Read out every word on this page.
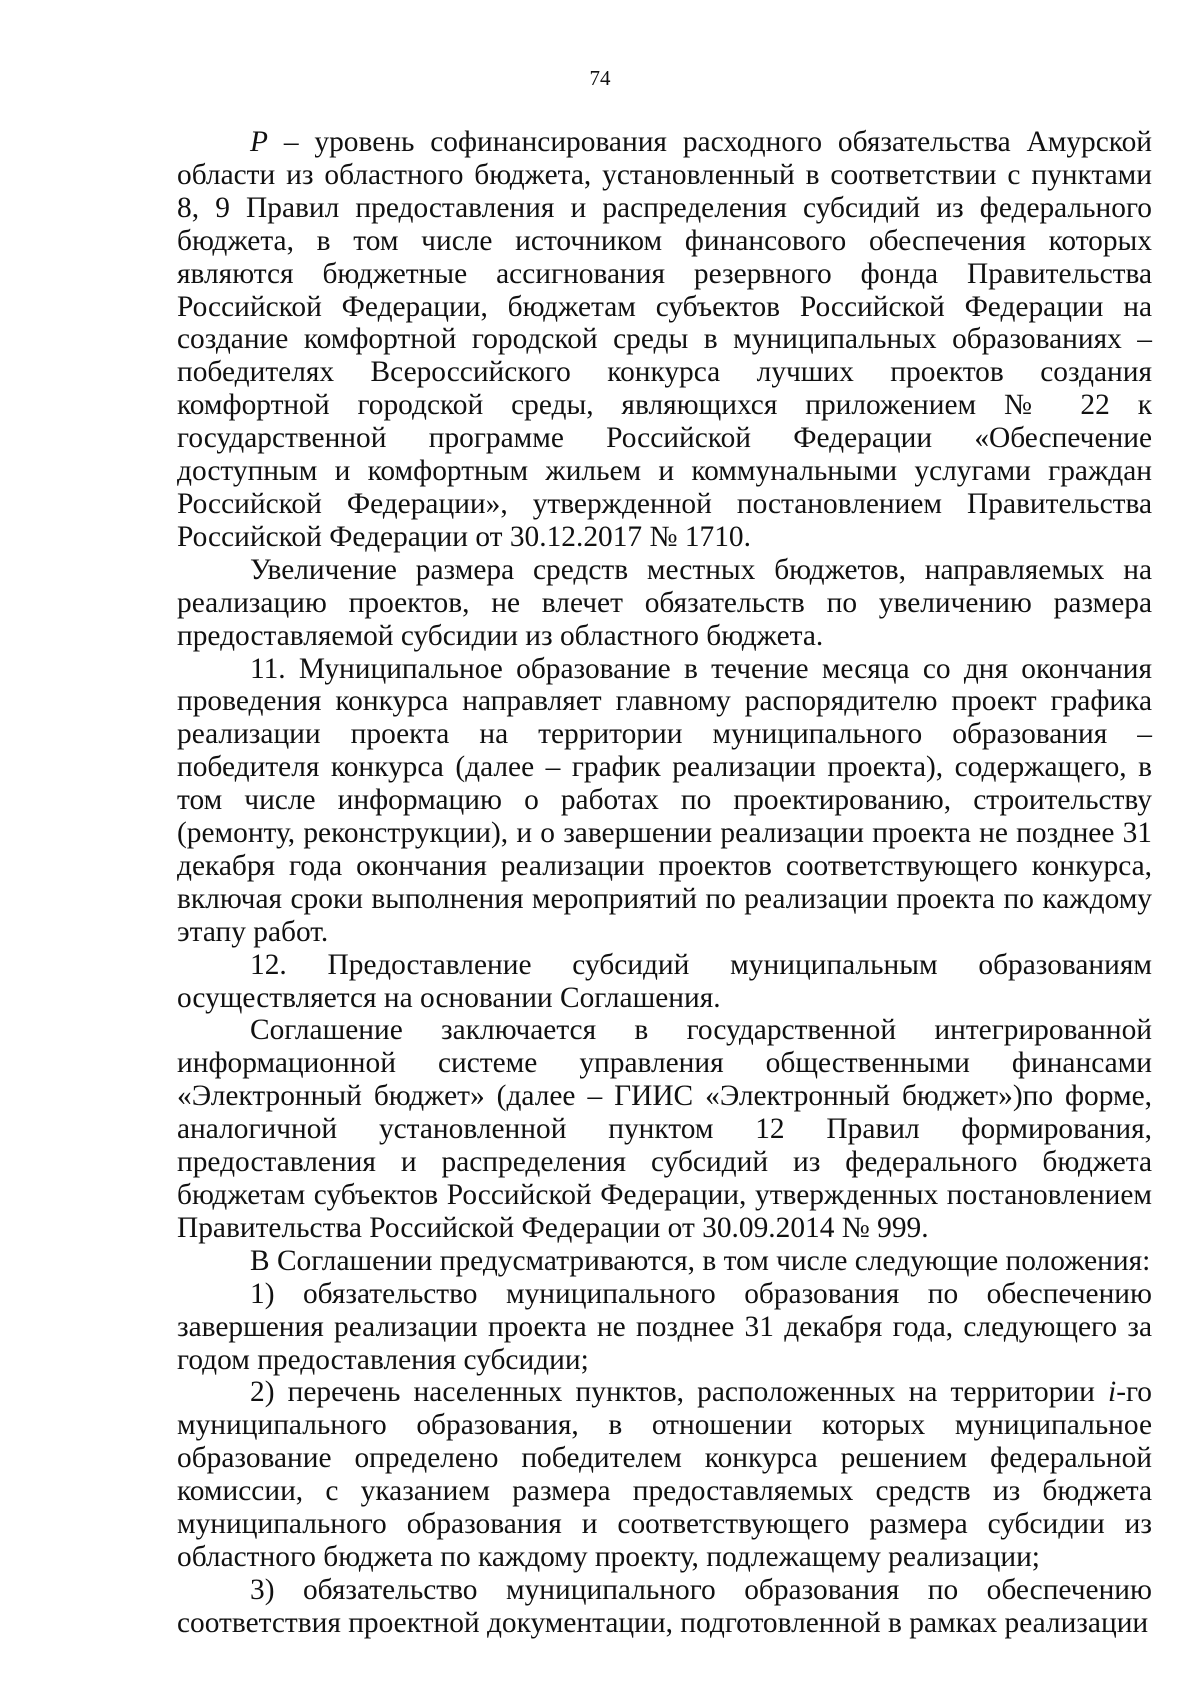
74

P – уровень софинансирования расходного обязательства Амурской области из областного бюджета, установленный в соответствии с пунктами 8, 9 Правил предоставления и распределения субсидий из федерального бюджета, в том числе источником финансового обеспечения которых являются бюджетные ассигнования резервного фонда Правительства Российской Федерации, бюджетам субъектов Российской Федерации на создание комфортной городской среды в муниципальных образованиях – победителях Всероссийского конкурса лучших проектов создания комфортной городской среды, являющихся приложением № 22 к государственной программе Российской Федерации «Обеспечение доступным и комфортным жильем и коммунальными услугами граждан Российской Федерации», утвержденной постановлением Правительства Российской Федерации от 30.12.2017 № 1710.

Увеличение размера средств местных бюджетов, направляемых на реализацию проектов, не влечет обязательств по увеличению размера предоставляемой субсидии из областного бюджета.

11. Муниципальное образование в течение месяца со дня окончания проведения конкурса направляет главному распорядителю проект графика реализации проекта на территории муниципального образования – победителя конкурса (далее – график реализации проекта), содержащего, в том числе информацию о работах по проектированию, строительству (ремонту, реконструкции), и о завершении реализации проекта не позднее 31 декабря года окончания реализации проектов соответствующего конкурса, включая сроки выполнения мероприятий по реализации проекта по каждому этапу работ.

12. Предоставление субсидий муниципальным образованиям осуществляется на основании Соглашения.

Соглашение заключается в государственной интегрированной информационной системе управления общественными финансами «Электронный бюджет» (далее – ГИИС «Электронный бюджет»)по форме, аналогичной установленной пунктом 12 Правил формирования, предоставления и распределения субсидий из федерального бюджета бюджетам субъектов Российской Федерации, утвержденных постановлением Правительства Российской Федерации от 30.09.2014 № 999.

В Соглашении предусматриваются, в том числе следующие положения:

1) обязательство муниципального образования по обеспечению завершения реализации проекта не позднее 31 декабря года, следующего за годом предоставления субсидии;

2) перечень населенных пунктов, расположенных на территории i-го муниципального образования, в отношении которых муниципальное образование определено победителем конкурса решением федеральной комиссии, с указанием размера предоставляемых средств из бюджета муниципального образования и соответствующего размера субсидии из областного бюджета по каждому проекту, подлежащему реализации;

3) обязательство муниципального образования по обеспечению соответствия проектной документации, подготовленной в рамках реализации
